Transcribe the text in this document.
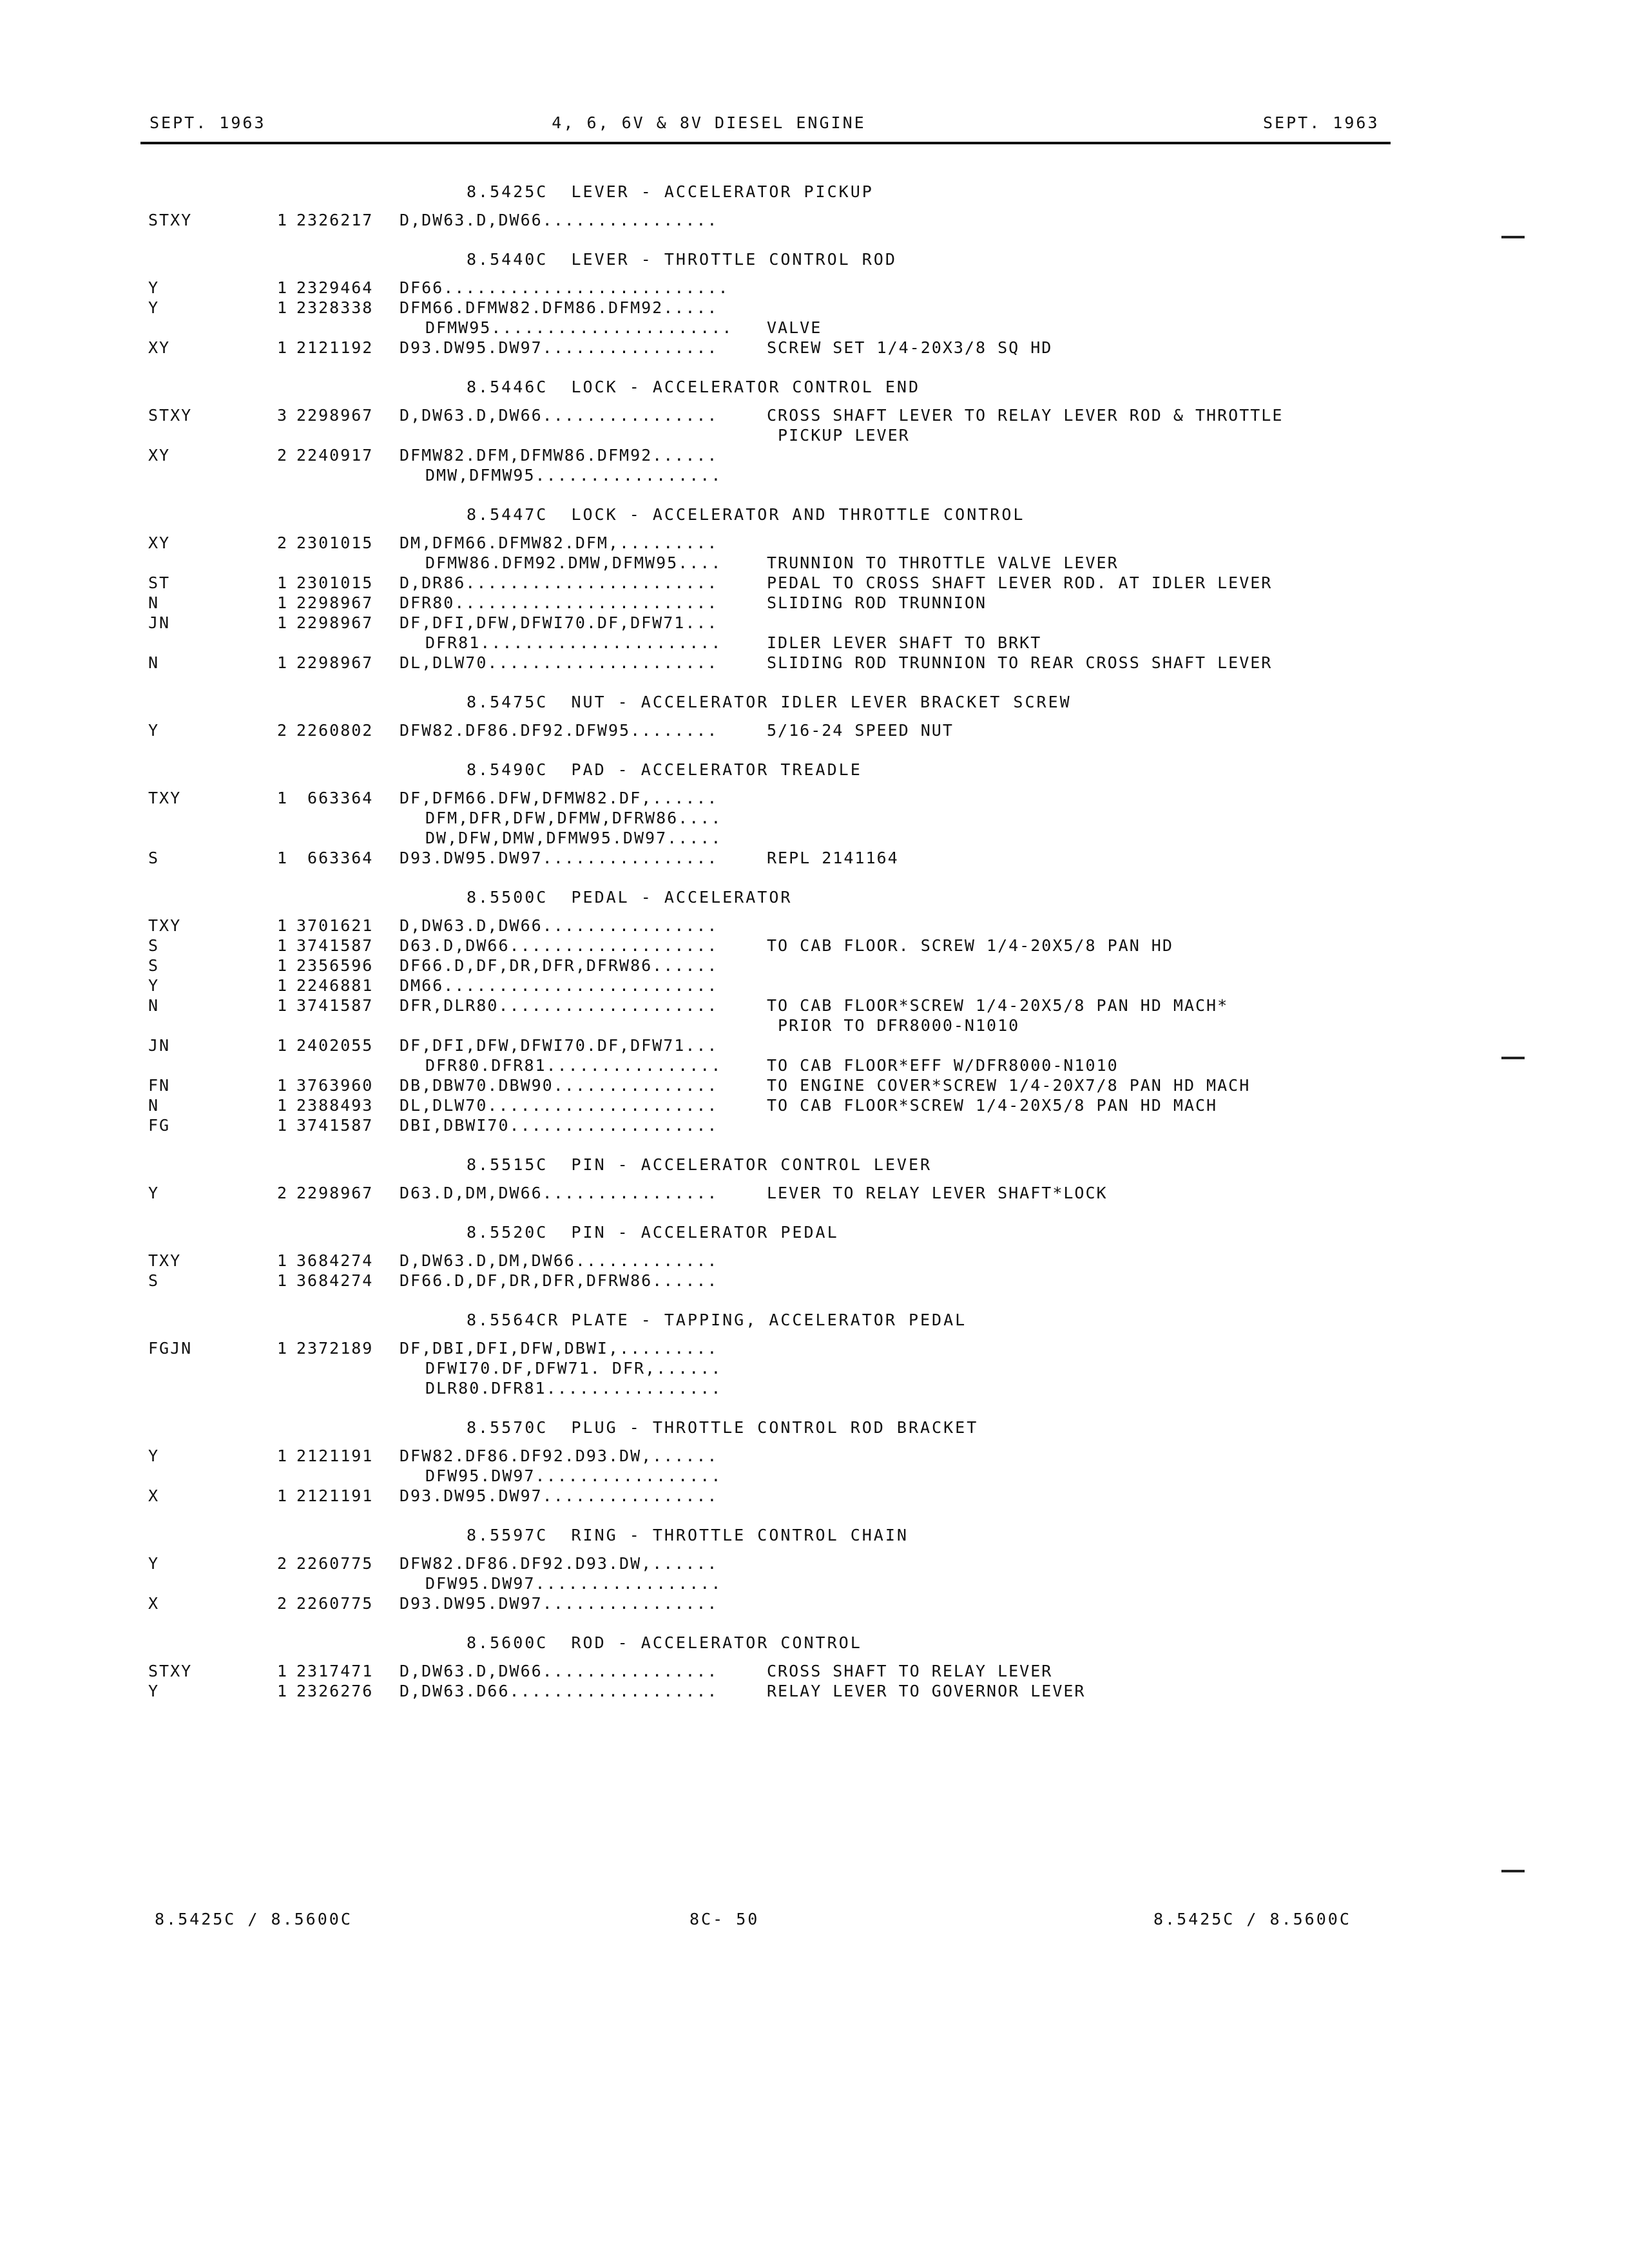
SEPT. 1963	4, 6, 6V & 8V DIESEL ENGINE	SEPT. 1963
8.5425C  LEVER - ACCELERATOR PICKUP
STXY	1 2326217 D,DW63.D,DW66................
8.5440C  LEVER - THROTTLE CONTROL ROD
Y	1 2329464 DF66..........................
Y	1 2328338 DFM66.DFMW82.DFM86.DFM92.....
DFMW95...................... VALVE
XY	1 2121192 D93.DW95.DW97................	SCREW SET 1/4-20X3/8 SQ HD
8.5446C  LOCK - ACCELERATOR CONTROL END
STXY	3 2298967 D,DW63.D,DW66................	CROSS SHAFT LEVER TO RELAY LEVER ROD & THROTTLE
PICKUP LEVER
XY	2 2240917 DFMW82.DFM,DFMW86.DFM92......
DMW,DFMW95.................
8.5447C  LOCK - ACCELERATOR AND THROTTLE CONTROL
XY	2 2301015 DM,DFM66.DFMW82.DFM,.........
DFMW86.DFM92.DMW,DFMW95....	TRUNNION TO THROTTLE VALVE LEVER
ST	1 2301015 D,DR86.......................	PEDAL TO CROSS SHAFT LEVER ROD. AT IDLER LEVER
N	1 2298967 DFR80........................	SLIDING ROD TRUNNION
JN	1 2298967 DF,DFI,DFW,DFWI70.DF,DFW71...
DFR81......................	IDLER LEVER SHAFT TO BRKT
N	1 2298967 DL,DLW70.....................	SLIDING ROD TRUNNION TO REAR CROSS SHAFT LEVER
8.5475C  NUT - ACCELERATOR IDLER LEVER BRACKET SCREW
Y	2 2260802 DFW82.DF86.DF92.DFW95........	5/16-24 SPEED NUT
8.5490C  PAD - ACCELERATOR TREADLE
TXY	1 663364 DF,DFM66.DFW,DFMW82.DF,......
DFM,DFR,DFW,DFMW,DFRW86....
DW,DFW,DMW,DFMW95.DW97.....
S	1 663364 D93.DW95.DW97................	REPL 2141164
8.5500C  PEDAL - ACCELERATOR
TXY	1 3701621 D,DW63.D,DW66................
S	1 3741587 D63.D,DW66...................	TO CAB FLOOR. SCREW 1/4-20X5/8 PAN HD
S	1 2356596 DF66.D,DF,DR,DFR,DFRW86......
Y	1 2246881 DM66.........................
N	1 3741587 DFR,DLR80....................	TO CAB FLOOR*SCREW 1/4-20X5/8 PAN HD MACH*
PRIOR TO DFR8000-N1010
JN	1 2402055 DF,DFI,DFW,DFWI70.DF,DFW71...
DFR80.DFR81................	TO CAB FLOOR*EFF W/DFR8000-N1010
FN	1 3763960 DB,DBW70.DBW90...............	TO ENGINE COVER*SCREW 1/4-20X7/8 PAN HD MACH
N	1 2388493 DL,DLW70.....................	TO CAB FLOOR*SCREW 1/4-20X5/8 PAN HD MACH
FG	1 3741587 DBI,DBWI70...................
8.5515C  PIN - ACCELERATOR CONTROL LEVER
Y	2 2298967 D63.D,DM,DW66................	LEVER TO RELAY LEVER SHAFT*LOCK
8.5520C  PIN - ACCELERATOR PEDAL
TXY	1 3684274 D,DW63.D,DM,DW66.............
S	1 3684274 DF66.D,DF,DR,DFR,DFRW86......
8.5564CR PLATE - TAPPING, ACCELERATOR PEDAL
FGJN	1 2372189 DF,DBI,DFI,DFW,DBWI,.........
DFWI70.DF,DFW71. DFR,......
DLR80.DFR81................
8.5570C  PLUG - THROTTLE CONTROL ROD BRACKET
Y	1 2121191 DFW82.DF86.DF92.D93.DW,......
DFW95.DW97.................
X	1 2121191 D93.DW95.DW97................
8.5597C  RING - THROTTLE CONTROL CHAIN
Y	2 2260775 DFW82.DF86.DF92.D93.DW,......
DFW95.DW97.................
X	2 2260775 D93.DW95.DW97................
8.5600C  ROD - ACCELERATOR CONTROL
STXY	1 2317471 D,DW63.D,DW66................	CROSS SHAFT TO RELAY LEVER
Y	1 2326276 D,DW63.D66...................	RELAY LEVER TO GOVERNOR LEVER
8.5425C / 8.5600C	8C- 50	8.5425C / 8.5600C
